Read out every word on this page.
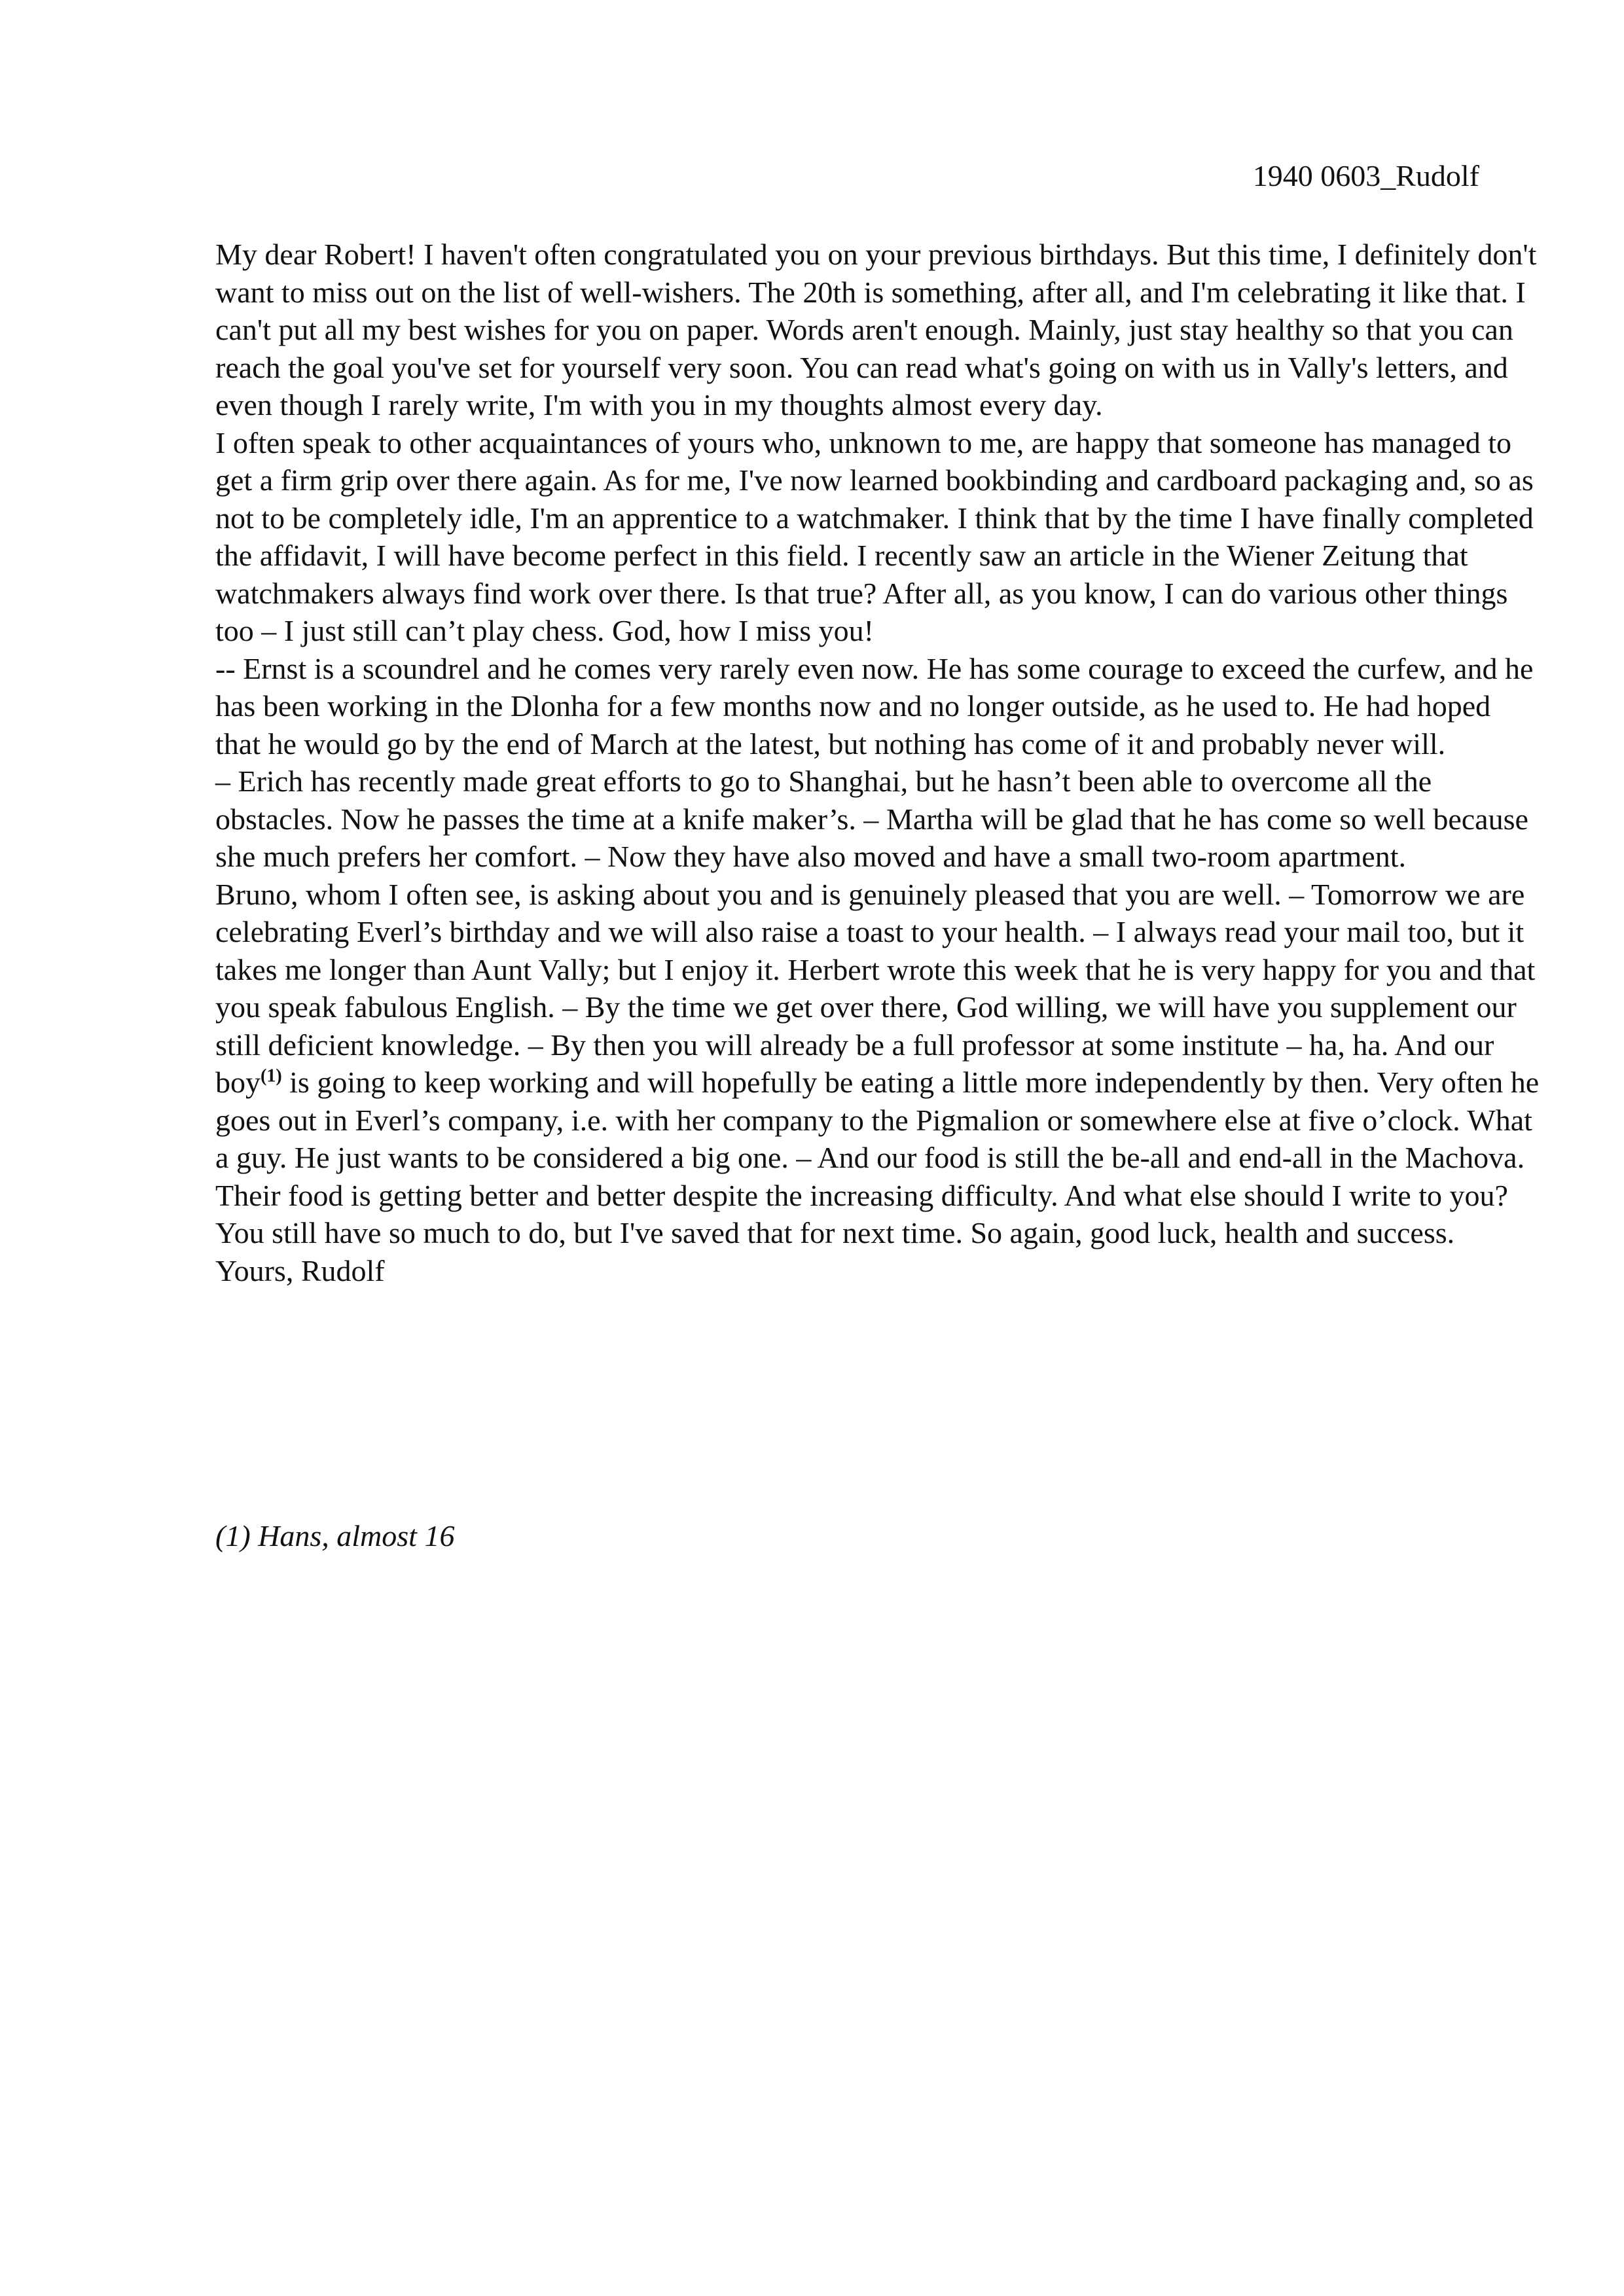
1940 0603_Rudolf

My dear Robert! I haven't often congratulated you on your previous birthdays. But this time, I definitely don't want to miss out on the list of well-wishers. The 20th is something, after all, and I'm celebrating it like that. I can't put all my best wishes for you on paper. Words aren't enough. Mainly, just stay healthy so that you can reach the goal you've set for yourself very soon. You can read what's going on with us in Vally's letters, and even though I rarely write, I'm with you in my thoughts almost every day.

I often speak to other acquaintances of yours who, unknown to me, are happy that someone has managed to get a firm grip over there again. As for me, I've now learned bookbinding and cardboard packaging and, so as not to be completely idle, I'm an apprentice to a watchmaker. I think that by the time I have finally completed the affidavit, I will have become perfect in this field. I recently saw an article in the Wiener Zeitung that watchmakers always find work over there. Is that true? After all, as you know, I can do various other things too – I just still can’t play chess. God, how I miss you!

-- Ernst is a scoundrel and he comes very rarely even now. He has some courage to exceed the curfew, and he has been working in the Dlonha for a few months now and no longer outside, as he used to. He had hoped that he would go by the end of March at the latest, but nothing has come of it and probably never will.

– Erich has recently made great efforts to go to Shanghai, but he hasn’t been able to overcome all the obstacles. Now he passes the time at a knife maker’s. – Martha will be glad that he has come so well because she much prefers her comfort. – Now they have also moved and have a small two-room apartment.

Bruno, whom I often see, is asking about you and is genuinely pleased that you are well. – Tomorrow we are celebrating Everl’s birthday and we will also raise a toast to your health. – I always read your mail too, but it takes me longer than Aunt Vally; but I enjoy it. Herbert wrote this week that he is very happy for you and that you speak fabulous English. – By the time we get over there, God willing, we will have you supplement our still deficient knowledge. – By then you will already be a full professor at some institute – ha, ha. And our boy$^{(1)}$ is going to keep working and will hopefully be eating a little more independently by then. Very often he goes out in Everl’s company, i.e. with her company to the Pigmalion or somewhere else at five o’clock. What a guy. He just wants to be considered a big one. – And our food is still the be-all and end-all in the Machova. Their food is getting better and better despite the increasing difficulty. And what else should I write to you? You still have so much to do, but I've saved that for next time. So again, good luck, health and success.

Yours, Rudolf

(1) Hans, almost 16
